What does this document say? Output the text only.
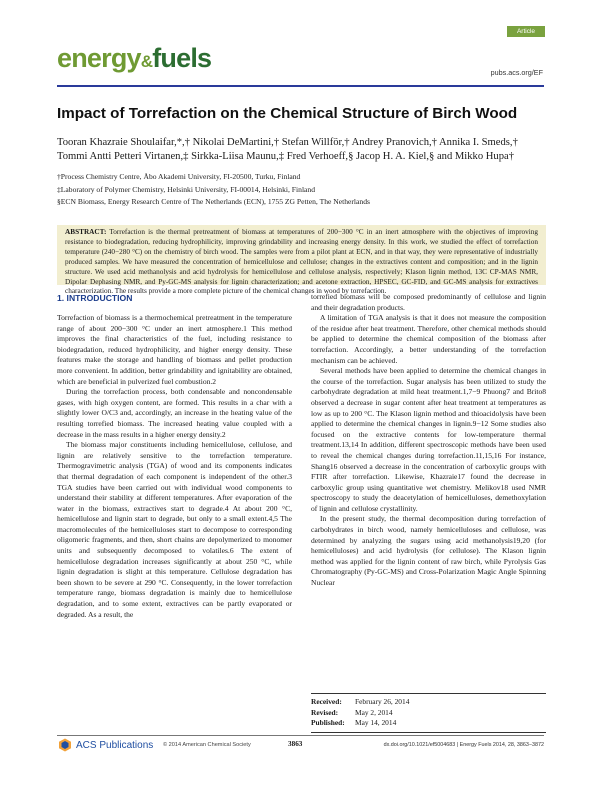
Article
energy&fuels	pubs.acs.org/EF
Impact of Torrefaction on the Chemical Structure of Birch Wood
Tooran Khazraie Shoulaifar,*,† Nikolai DeMartini,† Stefan Willför,† Andrey Pranovich,† Annika I. Smeds,†
Tommi Antti Petteri Virtanen,‡ Sirkka-Liisa Maunu,‡ Fred Verhoeff,§ Jacop H. A. Kiel,§ and Mikko Hupa†
†Process Chemistry Centre, Åbo Akademi University, FI-20500, Turku, Finland
‡Laboratory of Polymer Chemistry, Helsinki University, FI-00014, Helsinki, Finland
§ECN Biomass, Energy Research Centre of The Netherlands (ECN), 1755 ZG Petten, The Netherlands
ABSTRACT: Torrefaction is the thermal pretreatment of biomass at temperatures of 200−300 °C in an inert atmosphere with the objectives of improving resistance to biodegradation, reducing hydrophilicity, improving grindability and increasing energy density. In this work, we studied the effect of torrefaction temperature (240−280 °C) on the chemistry of birch wood. The samples were from a pilot plant at ECN, and in that way, they were representative of industrially produced samples. We have measured the concentration of hemicellulose and cellulose; changes in the extractives content and composition; and in the lignin structure. We used acid methanolysis and acid hydrolysis for hemicellulose and cellulose analysis, respectively; Klason lignin method, 13C CP-MAS NMR, Dipolar Dephasing NMR, and Py-GC-MS analysis for lignin characterization; and acetone extraction, HPSEC, GC-FID, and GC-MS analysis for extractives characterization. The results provide a more complete picture of the chemical changes in wood by torrefaction.
1. INTRODUCTION

Torrefaction of biomass is a thermochemical pretreatment in the temperature range of about 200−300 °C under an inert atmosphere.1 This method improves the final characteristics of the fuel, including resistance to biodegradation, reduced hydrophilicity, and higher energy density. These features make the storage and handling of biomass and pellet production more convenient. In addition, better grindability and ignitability are obtained, which are beneficial in pulverized fuel combustion.2

During the torrefaction process, both condensable and noncondensable gases, with high oxygen content, are formed. This results in a char with a slightly lower O/C3 and, accordingly, an increase in the heating value of the resulting torrefied biomass. The increased heating value coupled with a decrease in the mass results in a higher energy density.2

The biomass major constituents including hemicellulose, cellulose, and lignin are relatively sensitive to the torrefaction temperature. Thermogravimetric analysis (TGA) of wood and its components indicates that thermal degradation of each component is independent of the other.3 TGA studies have been carried out with individual wood components to understand their stability at different temperatures. After evaporation of the water in the biomass, extractives start to degrade.4 At about 200 °C, hemicellulose and lignin start to degrade, but only to a small extent.4,5 The macromolecules of the hemicelluloses start to decompose to corresponding oligomeric fragments, and then, short chains are depolymerized to monomer units and subsequently decomposed to volatiles.6 The extent of hemicellulose degradation increases significantly at about 250 °C, while lignin degradation is slight at this temperature. Cellulose degradation has been shown to be severe at 290 °C. Consequently, in the lower torrefaction temperature range, biomass degradation is mainly due to hemicellulose degradation, and to some extent, extractives can be partly evaporated or degraded. As a result, the

torrefied biomass will be composed predominantly of cellulose and lignin and their degradation products.

A limitation of TGA analysis is that it does not measure the composition of the residue after heat treatment. Therefore, other chemical methods should be applied to determine the chemical composition of the biomass after torrefaction. Accordingly, a better understanding of the torrefaction mechanism can be achieved.

Several methods have been applied to determine the chemical changes in the course of the torrefaction. Sugar analysis has been utilized to study the carbohydrate degradation at mild heat treatment.1,7−9 Phuong7 and Brito8 observed a decrease in sugar content after heat treatment at temperatures as low as up to 200 °C. The Klason lignin method and thioacidolysis have been applied to determine the chemical changes in lignin.9−12 Some studies also focused on the extractive contents for low-temperature thermal treatment.13,14 In addition, different spectroscopic methods have been used to reveal the chemical changes during torrefaction.11,15,16 For instance, Shang16 observed a decrease in the concentration of carboxylic groups with FTIR after torrefaction. Likewise, Khazraie17 found the decrease in carboxylic group using quantitative wet chemistry. Melikov18 used NMR spectroscopy to study the deacetylation of hemicelluloses, demethoxylation of lignin and cellulose crystallinity.

In the present study, the thermal decomposition during torrefaction of carbohydrates in birch wood, namely hemicelluloses and cellulose, was determined by analyzing the sugars using acid methanolysis19,20 (for hemicelluloses) and acid hydrolysis (for cellulose). The Klason lignin method was applied for the lignin content of raw birch, while Pyrolysis Gas Chromatography (Py-GC-MS) and Cross-Polarization Magic Angle Spinning Nuclear

Received:	February 26, 2014
Revised:	May 2, 2014
Published:	May 14, 2014
ACS Publications © 2014 American Chemical Society	3863	dx.doi.org/10.1021/ef5004683 | Energy Fuels 2014, 28, 3863−3872
